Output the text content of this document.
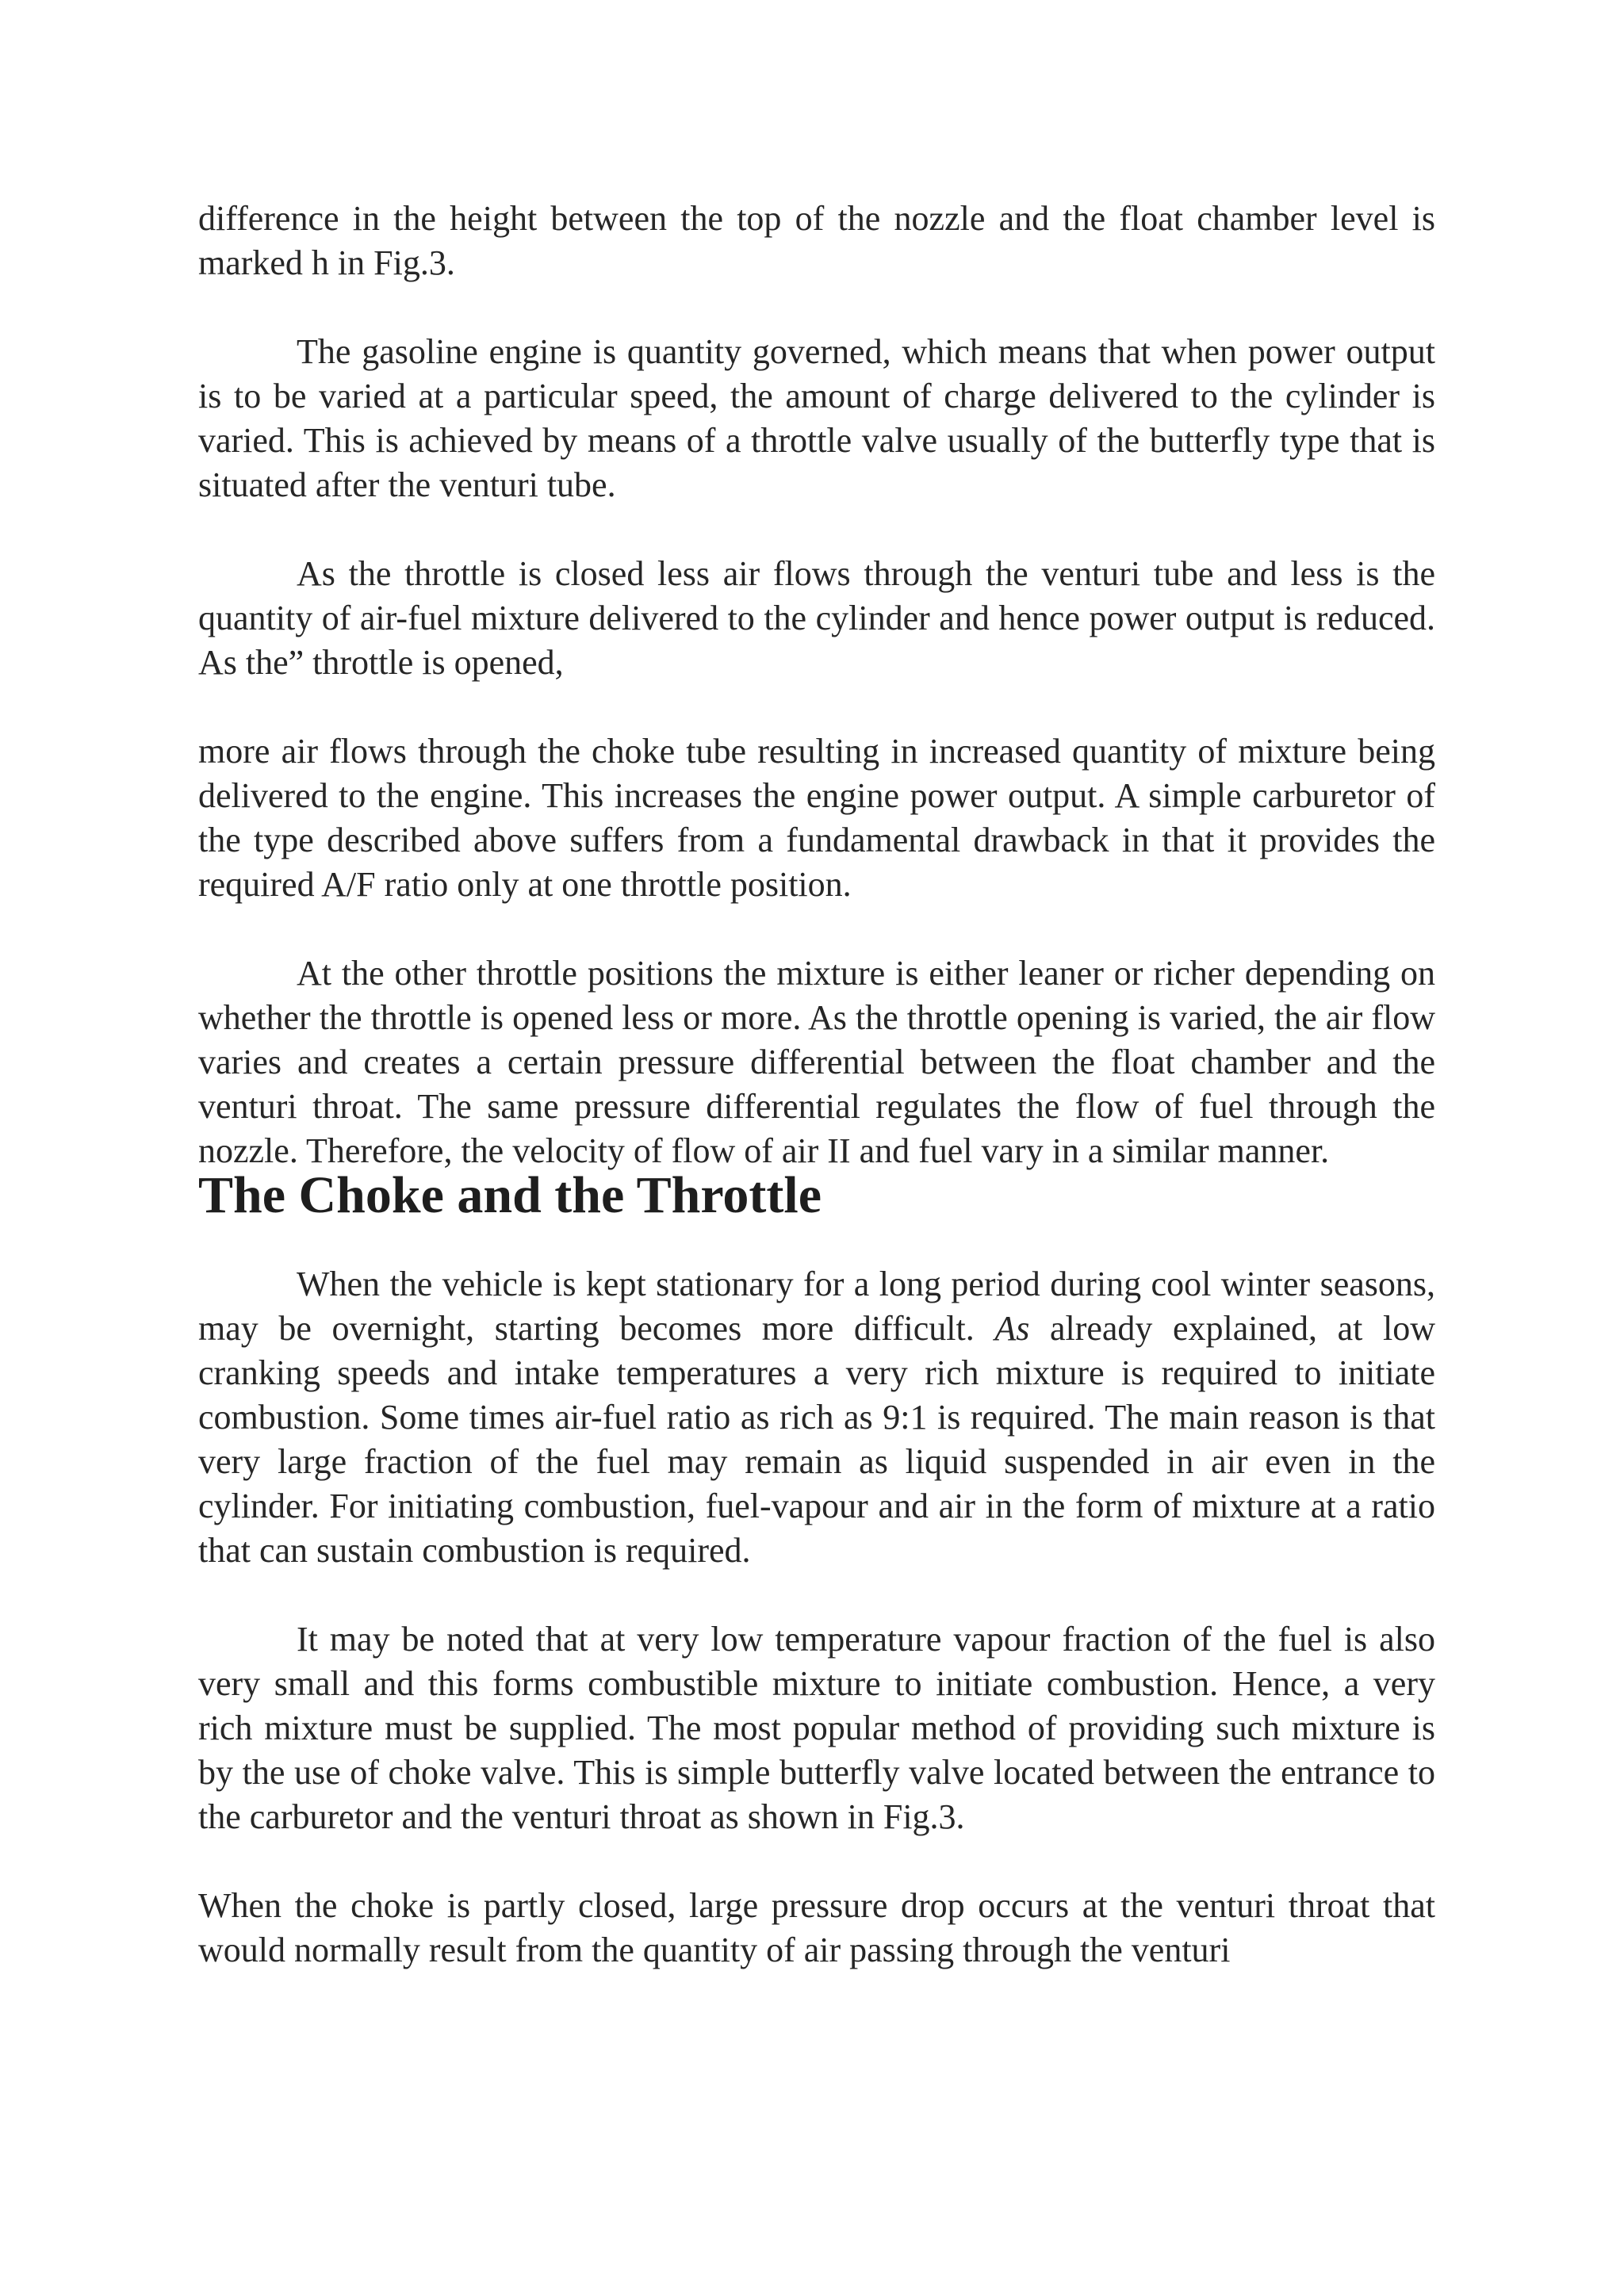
difference in the height between the top of the nozzle and the float chamber level is marked h in Fig.3.

The gasoline engine is quantity governed, which means that when power output is to be varied at a particular speed, the amount of charge delivered to the cylinder is varied. This is achieved by means of a throttle valve usually of the butterfly type that is situated after the venturi tube.

As the throttle is closed less air flows through the venturi tube and less is the quantity of air-fuel mixture delivered to the cylinder and hence power output is reduced. As the” throttle is opened,

more air flows through the choke tube resulting in increased quantity of mixture being delivered to the engine. This increases the engine power output. A simple carburetor of the type described above suffers from a fundamental drawback in that it provides the required A/F ratio only at one throttle position.

At the other throttle positions the mixture is either leaner or richer depending on whether the throttle is opened less or more. As the throttle opening is varied, the air flow varies and creates a certain pressure differential between the float chamber and the venturi throat. The same pressure differential regulates the flow of fuel through the nozzle. Therefore, the velocity of flow of air II and fuel vary in a similar manner.

The Choke and the Throttle

When the vehicle is kept stationary for a long period during cool winter seasons, may be overnight, starting becomes more difficult. As already explained, at low cranking speeds and intake temperatures a very rich mixture is required to initiate combustion. Some times air-fuel ratio as rich as 9:1 is required. The main reason is that very large fraction of the fuel may remain as liquid suspended in air even in the cylinder. For initiating combustion, fuel-vapour and air in the form of mixture at a ratio that can sustain combustion is required.

It may be noted that at very low temperature vapour fraction of the fuel is also very small and this forms combustible mixture to initiate combustion. Hence, a very rich mixture must be supplied. The most popular method of providing such mixture is by the use of choke valve. This is simple butterfly valve located between the entrance to the carburetor and the venturi throat as shown in Fig.3.

When the choke is partly closed, large pressure drop occurs at the venturi throat that would normally result from the quantity of air passing through the venturi
